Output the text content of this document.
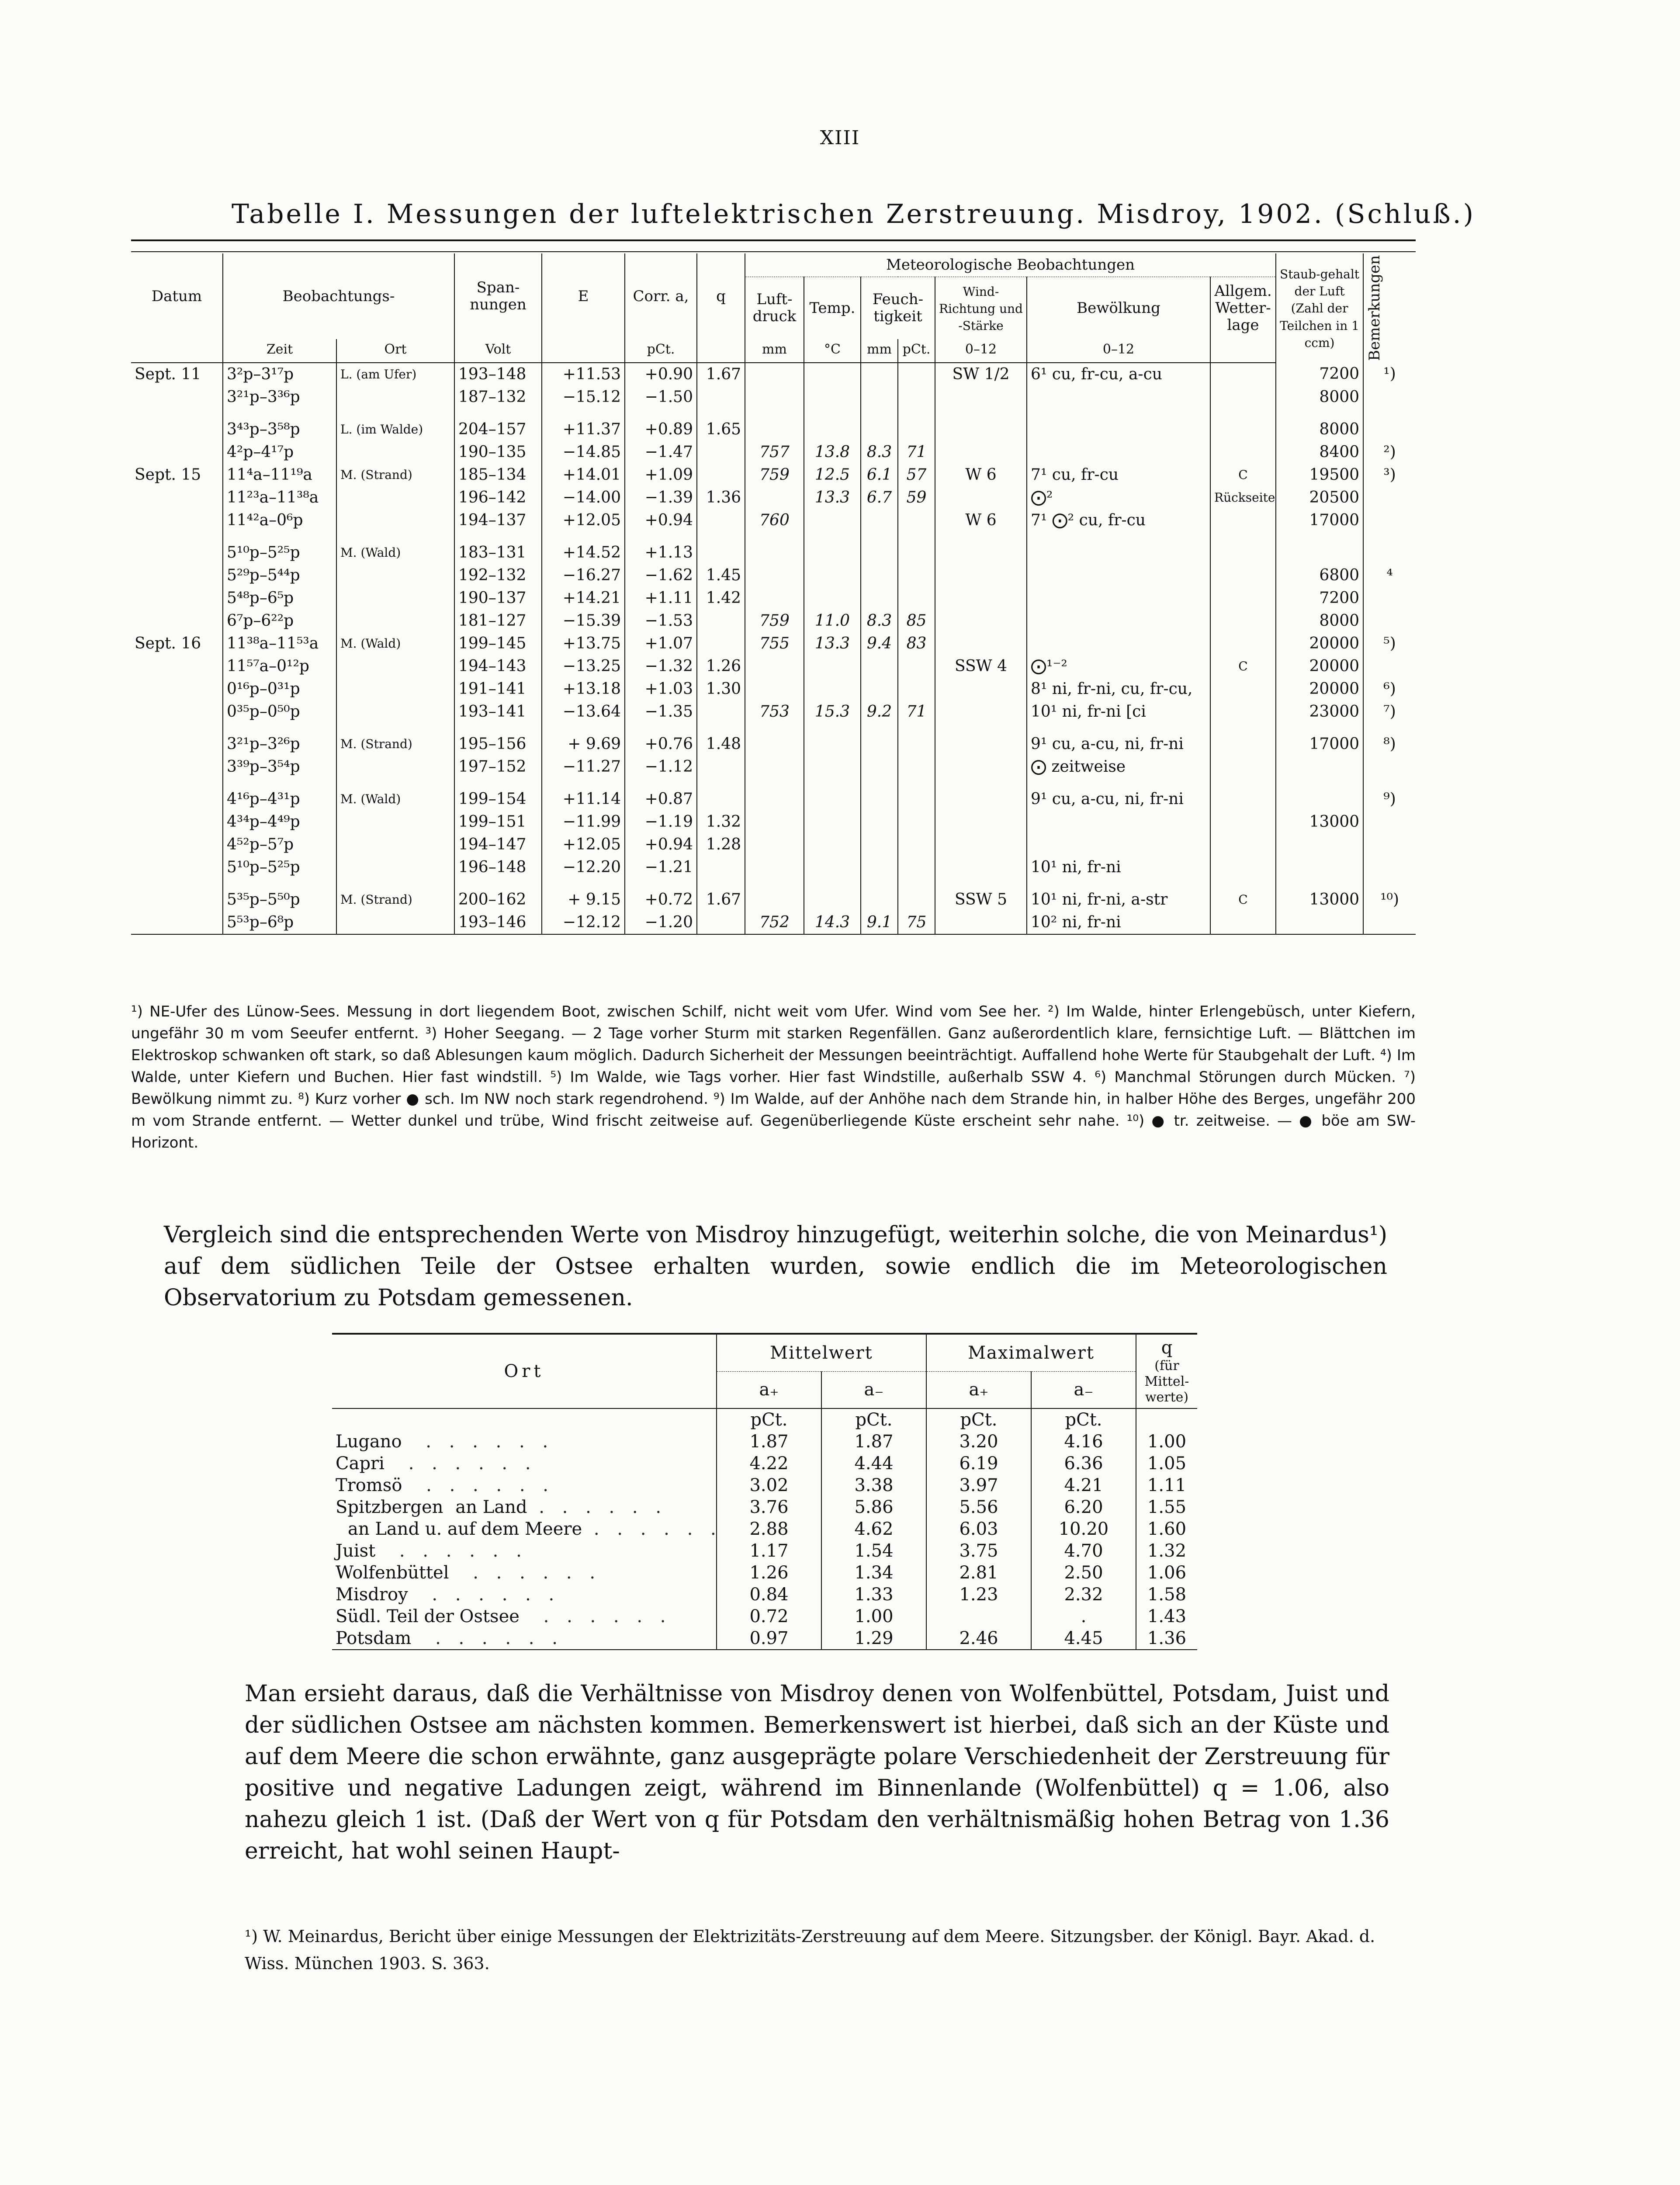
XIII
Tabelle I. Messungen der luftelektrischen Zerstreuung. Misdroy, 1902. (Schluß.)
Datum	Beobachtungs-		Span-nungen	E	Corr. a,	q	Meteorologische Beobachtungen							Staub-gehalt der Luft (Zahl der Teilchen in 1 ccm)	Bemerkungen

							Luft-druck	Temp.	Feuch-tigkeit		Wind-Richtung und -Stärke	Bewölkung	Allgem. Wetter-lage		
	Zeit	Ort	Volt		pCt.		mm	°C	mm	pCt.	0–12	0–12			
Sept. 11	3²p–3¹⁷p	L. (am Ufer)	193–148	+11.53	+0.90	1.67					SW 1/2	6¹ cu, fr-cu, a-cu		7200	¹)
	3²¹p–3³⁶p		187–132	−15.12	−1.50									8000	

	3⁴³p–3⁵⁸p	L. (im Walde)	204–157	+11.37	+0.89	1.65								8000	
	4²p–4¹⁷p		190–135	−14.85	−1.47		757	13.8	8.3	71				8400	²)
Sept. 15	11⁴a–11¹⁹a	M. (Strand)	185–134	+14.01	+1.09		759	12.5	6.1	57	W 6	7¹ cu, fr-cu	C	19500	³)
	11²³a–11³⁸a		196–142	−14.00	−1.39	1.36		13.3	6.7	59		⨀²	Rückseite	20500	
	11⁴²a–0⁶p		194–137	+12.05	+0.94		760				W 6	7¹ ⨀² cu, fr-cu		17000	

	5¹⁰p–5²⁵p	M. (Wald)	183–131	+14.52	+1.13										
	5²⁹p–5⁴⁴p		192–132	−16.27	−1.62	1.45								6800	⁴
	5⁴⁸p–6⁵p		190–137	+14.21	+1.11	1.42								7200	
	6⁷p–6²²p		181–127	−15.39	−1.53		759	11.0	8.3	85				8000	
Sept. 16	11³⁸a–11⁵³a	M. (Wald)	199–145	+13.75	+1.07		755	13.3	9.4	83				20000	⁵)
	11⁵⁷a–0¹²p		194–143	−13.25	−1.32	1.26					SSW 4	⨀¹⁻²	C	20000	
	0¹⁶p–0³¹p		191–141	+13.18	+1.03	1.30						8¹ ni, fr-ni, cu, fr-cu,		20000	⁶)
	0³⁵p–0⁵⁰p		193–141	−13.64	−1.35		753	15.3	9.2	71		10¹ ni, fr-ni [ci		23000	⁷)

	3²¹p–3²⁶p	M. (Strand)	195–156	+ 9.69	+0.76	1.48						9¹ cu, a-cu, ni, fr-ni		17000	⁸)
	3³⁹p–3⁵⁴p		197–152	−11.27	−1.12							⨀ zeitweise			

	4¹⁶p–4³¹p	M. (Wald)	199–154	+11.14	+0.87							9¹ cu, a-cu, ni, fr-ni			⁹)
	4³⁴p–4⁴⁹p		199–151	−11.99	−1.19	1.32								13000	
	4⁵²p–5⁷p		194–147	+12.05	+0.94	1.28									
	5¹⁰p–5²⁵p		196–148	−12.20	−1.21							10¹ ni, fr-ni			

	5³⁵p–5⁵⁰p	M. (Strand)	200–162	+ 9.15	+0.72	1.67					SSW 5	10¹ ni, fr-ni, a-str	C	13000	¹⁰)
	5⁵³p–6⁸p		193–146	−12.12	−1.20		752	14.3	9.1	75		10² ni, fr-ni			

¹) NE-Ufer des Lünow-Sees. Messung in dort liegendem Boot, zwischen Schilf, nicht weit vom Ufer. Wind vom See her. ²) Im Walde, hinter Erlengebüsch, unter Kiefern, ungefähr 30 m vom Seeufer entfernt. ³) Hoher Seegang. — 2 Tage vorher Sturm mit starken Regenfällen. Ganz außerordentlich klare, fernsichtige Luft. — Blättchen im Elektroskop schwanken oft stark, so daß Ablesungen kaum möglich. Dadurch Sicherheit der Messungen beeinträchtigt. Auffallend hohe Werte für Staubgehalt der Luft. ⁴) Im Walde, unter Kiefern und Buchen. Hier fast windstill. ⁵) Im Walde, wie Tags vorher. Hier fast Windstille, außerhalb SSW 4. ⁶) Manchmal Störungen durch Mücken. ⁷) Bewölkung nimmt zu. ⁸) Kurz vorher ● sch. Im NW noch stark regendrohend. ⁹) Im Walde, auf der Anhöhe nach dem Strande hin, in halber Höhe des Berges, ungefähr 200 m vom Strande entfernt. — Wetter dunkel und trübe, Wind frischt zeitweise auf. Gegenüberliegende Küste erscheint sehr nahe. ¹⁰) ● tr. zeitweise. — ● böe am SW-Horizont.
Vergleich sind die entsprechenden Werte von Misdroy hinzugefügt, weiterhin solche, die von Meinardus¹) auf dem südlichen Teile der Ostsee erhalten wurden, sowie endlich die im Meteorologischen Observatorium zu Potsdam gemessenen.
Ort	Mittelwert		Maximalwert		q
(für Mittel-werte)

	a₊	a₋	a₊	a₋	
	pCt.	pCt.	pCt.	pCt.	
Lugano . . . . . .	1.87	1.87	3.20	4.16	1.00
Capri . . . . . .	4.22	4.44	6.19	6.36	1.05
Tromsö . . . . . .	3.02	3.38	3.97	4.21	1.11
Spitzbergen an Land . . . . . .	3.76	5.86	5.56	6.20	1.55
an Land u. auf dem Meere . . . . . .	2.88	4.62	6.03	10.20	1.60
Juist . . . . . .	1.17	1.54	3.75	4.70	1.32
Wolfenbüttel . . . . . .	1.26	1.34	2.81	2.50	1.06
Misdroy . . . . . .	0.84	1.33	1.23	2.32	1.58
Südl. Teil der Ostsee . . . . . .	0.72	1.00		.	1.43
Potsdam . . . . . .	0.97	1.29	2.46	4.45	1.36

Man ersieht daraus, daß die Verhältnisse von Misdroy denen von Wolfenbüttel, Potsdam, Juist und der südlichen Ostsee am nächsten kommen. Bemerkenswert ist hierbei, daß sich an der Küste und auf dem Meere die schon erwähnte, ganz ausgeprägte polare Verschiedenheit der Zerstreuung für positive und negative Ladungen zeigt, während im Binnenlande (Wolfenbüttel) q = 1.06, also nahezu gleich 1 ist. (Daß der Wert von q für Potsdam den verhältnismäßig hohen Betrag von 1.36 erreicht, hat wohl seinen Haupt-
¹) W. Meinardus, Bericht über einige Messungen der Elektrizitäts-Zerstreuung auf dem Meere. Sitzungsber. der Königl. Bayr. Akad. d. Wiss. München 1903. S. 363.
